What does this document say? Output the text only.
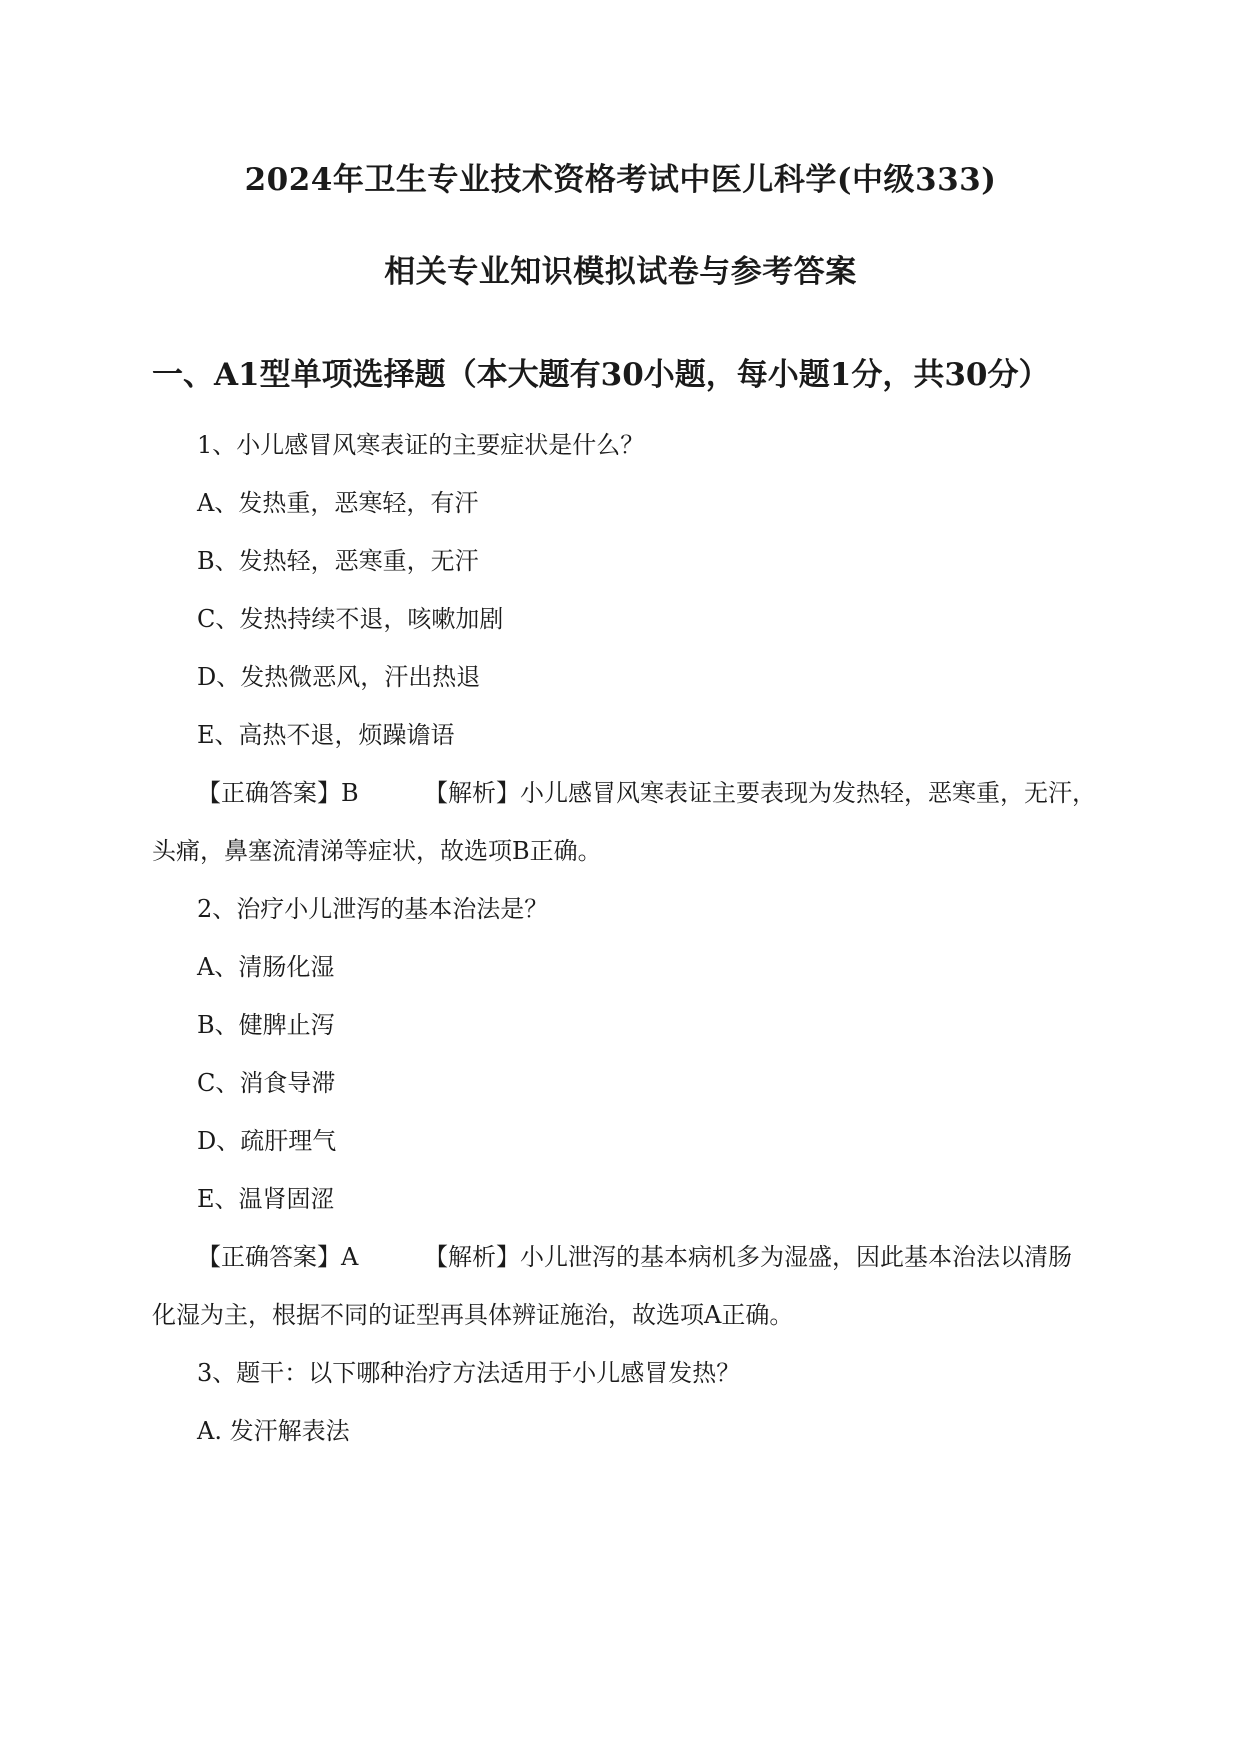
2024年卫生专业技术资格考试中医儿科学(中级333)
相关专业知识模拟试卷与参考答案
一、A1型单项选择题（本大题有30小题，每小题1分，共30分）
1、小儿感冒风寒表证的主要症状是什么？
A、发热重，恶寒轻，有汗
B、发热轻，恶寒重，无汗
C、发热持续不退，咳嗽加剧
D、发热微恶风，汗出热退
E、高热不退，烦躁谵语
【正确答案】B	【解析】小儿感冒风寒表证主要表现为发热轻，恶寒重，无汗，
头痛，鼻塞流清涕等症状，故选项B正确。
2、治疗小儿泄泻的基本治法是？
A、清肠化湿
B、健脾止泻
C、消食导滞
D、疏肝理气
E、温肾固涩
【正确答案】A	【解析】小儿泄泻的基本病机多为湿盛，因此基本治法以清肠
化湿为主，根据不同的证型再具体辨证施治，故选项A正确。
3、题干：以下哪种治疗方法适用于小儿感冒发热？
A. 发汗解表法
